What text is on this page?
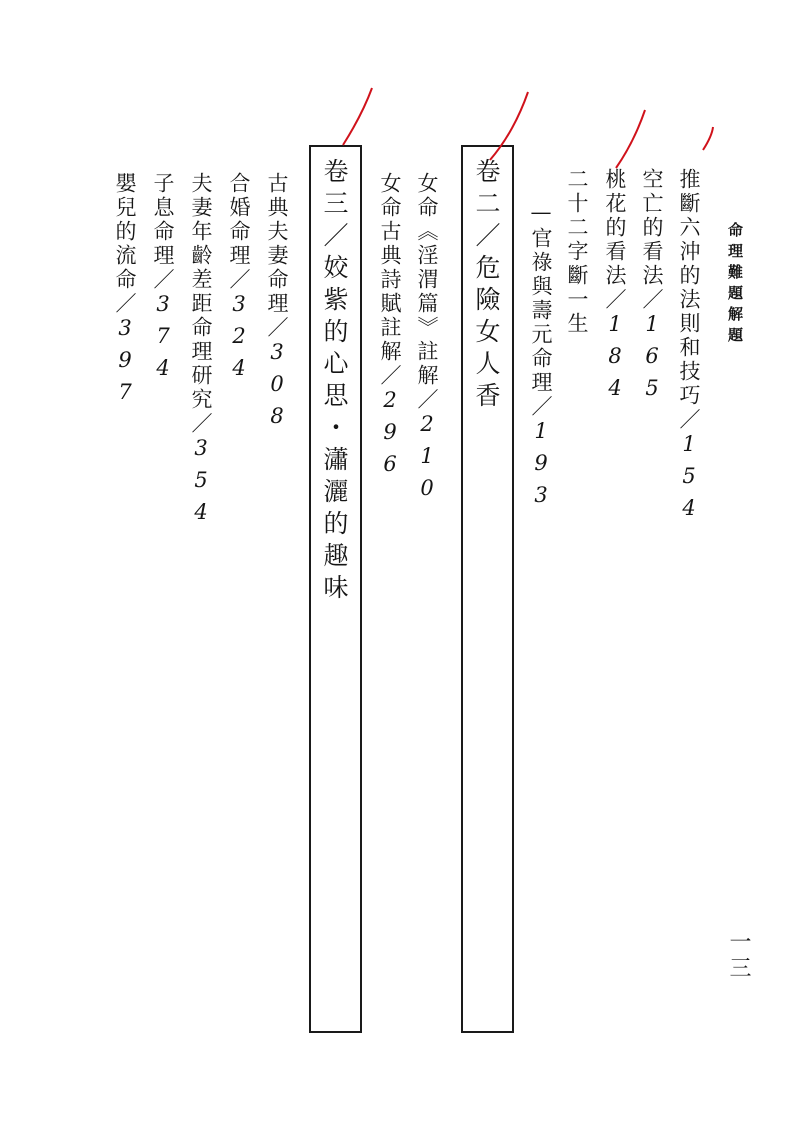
命理難題解題
推斷六沖的法則和技巧／154
空亡的看法／165
桃花的看法／184
二十二字斷一生
—官祿與壽元命理／193
卷二／危險女人香
女命《淫渭篇》註解／210
女命古典詩賦註解／296
卷三／姣紫的心思・瀟灑的趣味
古典夫妻命理／308
合婚命理／324
夫妻年齡差距命理研究／354
子息命理／374
嬰兒的流命／397
一三
